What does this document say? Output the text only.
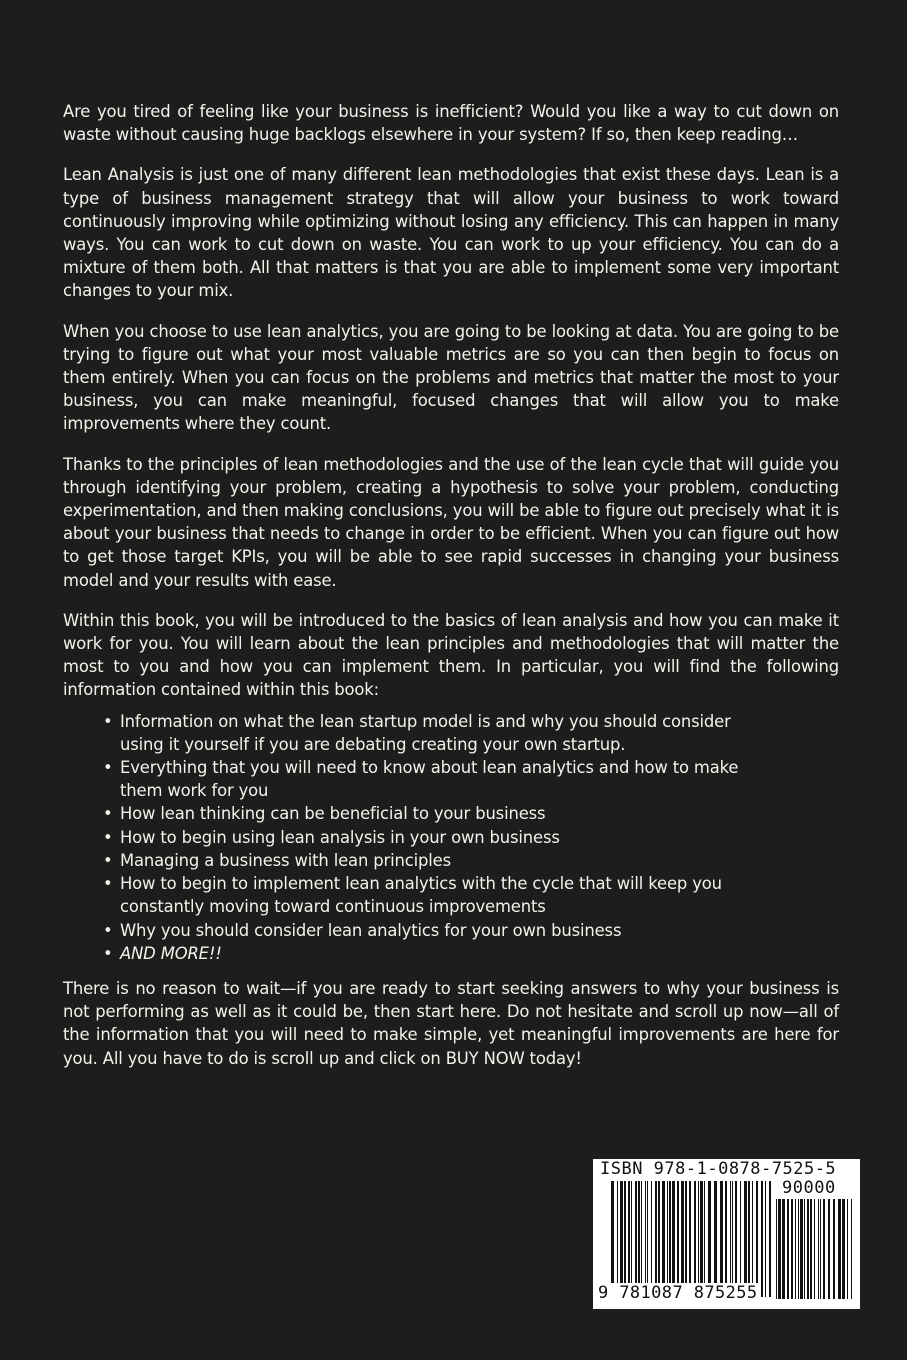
Are you tired of feeling like your business is inefficient? Would you like a way to cut down on waste without causing huge backlogs elsewhere in your system? If so, then keep reading…

Lean Analysis is just one of many different lean methodologies that exist these days. Lean is a type of business management strategy that will allow your business to work toward continuously improving while optimizing without losing any efficiency. This can happen in many ways. You can work to cut down on waste. You can work to up your efficiency. You can do a mixture of them both. All that matters is that you are able to implement some very important changes to your mix.

When you choose to use lean analytics, you are going to be looking at data. You are going to be trying to figure out what your most valuable metrics are so you can then begin to focus on them entirely. When you can focus on the problems and metrics that matter the most to your business, you can make meaningful, focused changes that will allow you to make improvements where they count.

Thanks to the principles of lean methodologies and the use of the lean cycle that will guide you through identifying your problem, creating a hypothesis to solve your problem, conducting experimentation, and then making conclusions, you will be able to figure out precisely what it is about your business that needs to change in order to be efficient. When you can figure out how to get those target KPIs, you will be able to see rapid successes in changing your business model and your results with ease.

Within this book, you will be introduced to the basics of lean analysis and how you can make it work for you. You will learn about the lean principles and methodologies that will matter the most to you and how you can implement them. In particular, you will find the following information contained within this book:

• Information on what the lean startup model is and why you should consider using it yourself if you are debating creating your own startup.
• Everything that you will need to know about lean analytics and how to make them work for you
• How lean thinking can be beneficial to your business
• How to begin using lean analysis in your own business
• Managing a business with lean principles
• How to begin to implement lean analytics with the cycle that will keep you constantly moving toward continuous improvements
• Why you should consider lean analytics for your own business
• AND MORE!!

There is no reason to wait—if you are ready to start seeking answers to why your business is not performing as well as it could be, then start here. Do not hesitate and scroll up now—all of the information that you will need to make simple, yet meaningful improvements are here for you. All you have to do is scroll up and click on BUY NOW today!

ISBN 978-1-0878-7525-5
90000
9 781087 875255
